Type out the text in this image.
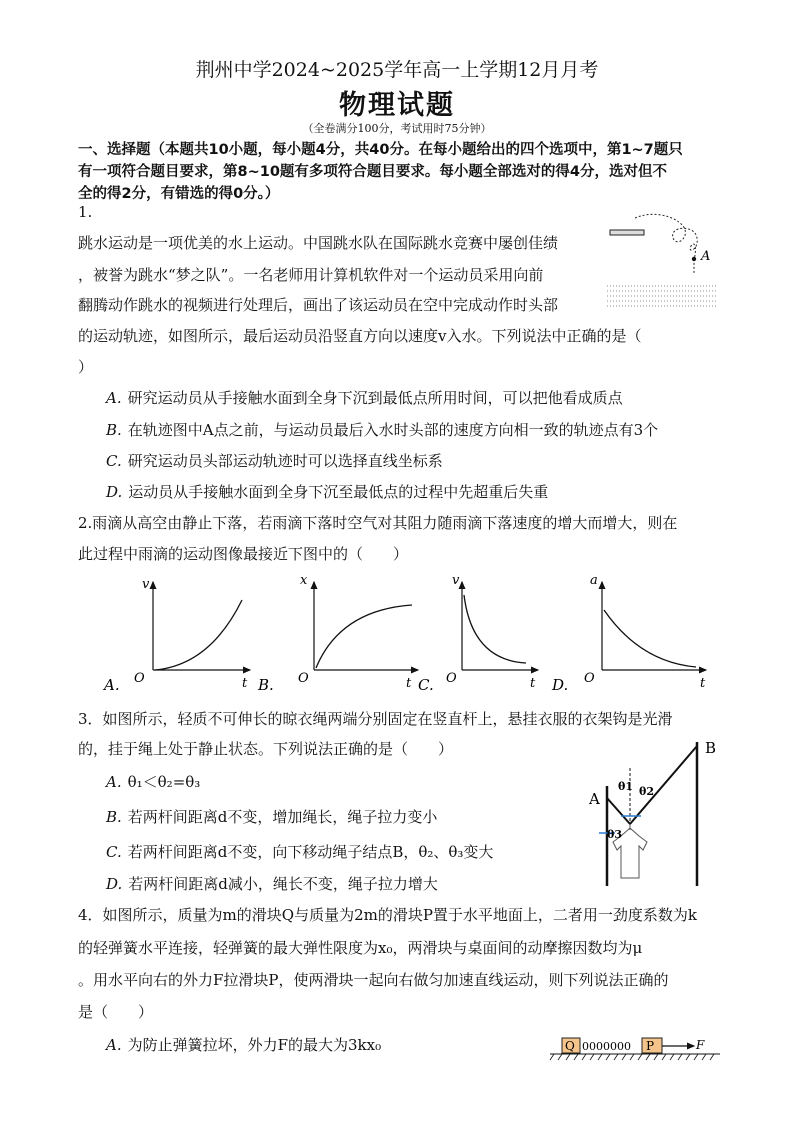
荆州中学2024~2025学年高一上学期12月月考
物理试题
（全卷满分100分，考试用时75分钟）
一、选择题（本题共10小题，每小题4分，共40分。在每小题给出的四个选项中，第1~7题只
有一项符合题目要求，第8~10题有多项符合题目要求。每小题全部选对的得4分，选对但不
全的得2分，有错选的得0分。）
1.
跳水运动是一项优美的水上运动。中国跳水队在国际跳水竞赛中屡创佳绩
，被誉为跳水“梦之队”。一名老师用计算机软件对一个运动员采用向前
翻腾动作跳水的视频进行处理后，画出了该运动员在空中完成动作时头部
的运动轨迹，如图所示，最后运动员沿竖直方向以速度v入水。下列说法中正确的是（
）
A
A. 研究运动员从手接触水面到全身下沉到最低点所用时间，可以把他看成质点
B. 在轨迹图中A点之前，与运动员最后入水时头部的速度方向相一致的轨迹点有3个
C. 研究运动员头部运动轨迹时可以选择直线坐标系
D. 运动员从手接触水面到全身下沉至最低点的过程中先超重后失重
2.雨滴从高空由静止下落，若雨滴下落时空气对其阻力随雨滴下落速度的增大而增大，则在
此过程中雨滴的运动图像最接近下图中的（　　）
A.
v
t
O	B.
x
t
O	C.
v
t
O	D.
a
t
O
3．如图所示，轻质不可伸长的晾衣绳两端分别固定在竖直杆上，悬挂衣服的衣架钩是光滑
的，挂于绳上处于静止状态。下列说法正确的是（　　）
A. θ₁＜θ₂=θ₃
B. 若两杆间距离d不变，增加绳长，绳子拉力变小
C. 若两杆间距离d不变，向下移动绳子结点B，θ₂、θ₃变大
D. 若两杆间距离d减小，绳长不变，绳子拉力增大
A
B
θ1 θ2
θ3
4．如图所示，质量为m的滑块Q与质量为2m的滑块P置于水平地面上，二者用一劲度系数为k
的轻弹簧水平连接，轻弹簧的最大弹性限度为x₀，两滑块与桌面间的动摩擦因数均为μ
。用水平向右的外力F拉滑块P，使两滑块一起向右做匀加速直线运动，则下列说法正确的
是（　　）
A. 为防止弹簧拉坏，外力F的最大为3kx₀	Q 0000000 P	F
